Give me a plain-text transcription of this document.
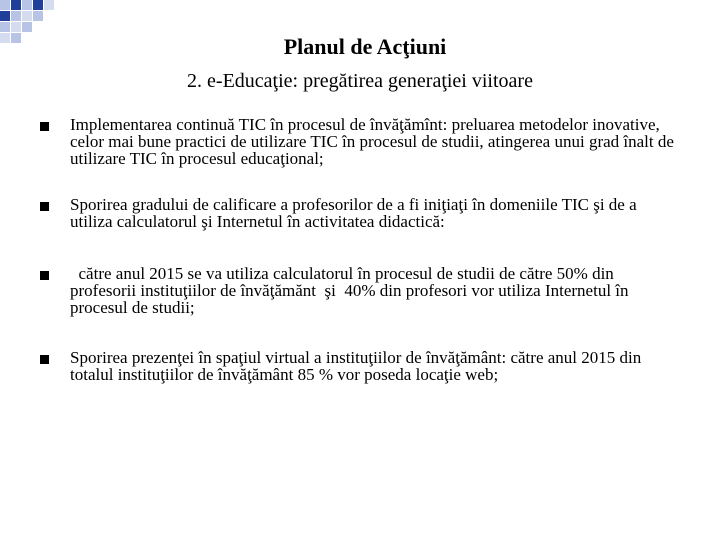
Planul de Acţiuni
2. e-Educaţie: pregătirea generaţiei viitoare
Implementarea continuă TIC în procesul de învăţămînt: preluarea metodelor inovative, celor mai bune practici de utilizare TIC în procesul de studii, atingerea unui grad înalt de utilizare TIC în procesul educaţional;
Sporirea gradului de calificare a profesorilor de a fi iniţiaţi în domeniile TIC şi de a utiliza calculatorul şi Internetul în activitatea didactică:
către anul 2015 se va utiliza calculatorul în procesul de studii de către 50% din profesorii instituţiilor de învăţămănt  şi  40% din profesori vor utiliza Internetul în procesul de studii;
Sporirea prezenţei în spaţiul virtual a instituţiilor de învăţământ: către anul 2015 din totalul instituţiilor de învăţământ 85 % vor poseda locaţie web;
